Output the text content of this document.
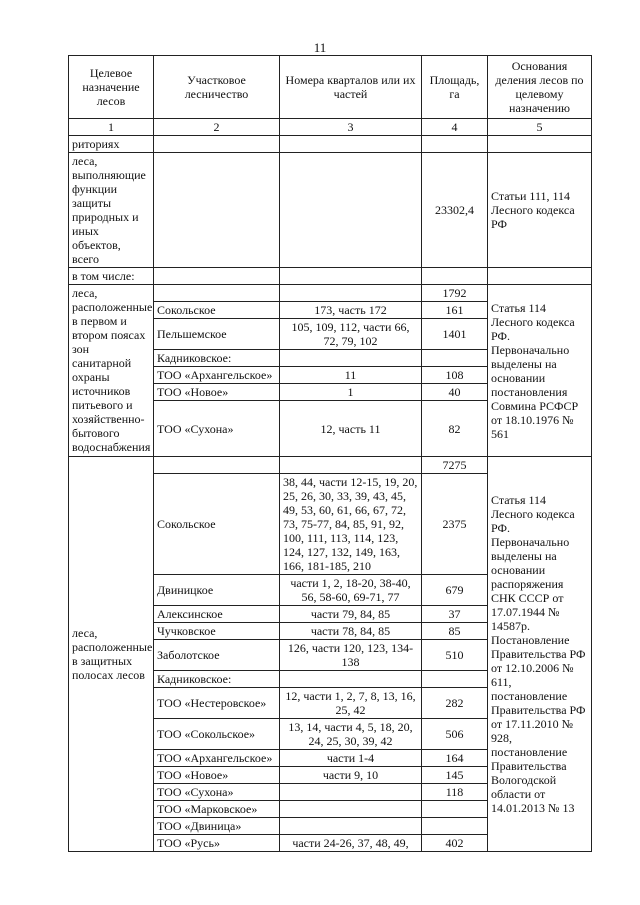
11
Целевое назначение лесов	Участковое лесничество	Номера кварталов или их частей	Площадь, га	Основания деления лесов по целевому назначению
1	2	3	4	5
риториях				
леса, выполняющие функции защиты природных и иных объектов, всего			23302,4	Статьи 111, 114 Лесного кодекса РФ
в том числе:				
леса, расположенные в первом и втором поясах зон санитарной охраны источников питьевого и хозяйственно-бытового водоснабжения			1792	Статья 114 Лесного кодекса РФ. Первоначально выделены на основании постановления Совмина РСФСР от 18.10.1976 № 561
	Сокольское	173, часть 172	161	
	Пельшемское	105, 109, 112, части 66, 72, 79, 102	1401	
	Кадниковское:			
	ТОО «Архангельское»	11	108	
	ТОО «Новое»	1	40	
	ТОО «Сухона»	12, часть 11	82	
леса, расположенные в защитных полосах лесов			7275	Статья 114 Лесного кодекса РФ. Первоначально выделены на основании распоряжения СНК СССР от 17.07.1944 № 14587р. Постановление Правительства РФ от 12.10.2006 № 611, постановление Правительства РФ от 17.11.2010 № 928, постановление Правительства Вологодской области от 14.01.2013 № 13
	Сокольское	38, 44, части 12-15, 19, 20, 25, 26, 30, 33, 39, 43, 45, 49, 53, 60, 61, 66, 67, 72, 73, 75-77, 84, 85, 91, 92, 100, 111, 113, 114, 123, 124, 127, 132, 149, 163, 166, 181-185, 210	2375	
	Двиницкое	части 1, 2, 18-20, 38-40, 56, 58-60, 69-71, 77	679	
	Алексинское	части 79, 84, 85	37	
	Чучковское	части 78, 84, 85	85	
	Заболотское	126, части 120, 123, 134-138	510	
	Кадниковское:			
	ТОО «Нестеровское»	12, части 1, 2, 7, 8, 13, 16, 25, 42	282	
	ТОО «Сокольское»	13, 14, части 4, 5, 18, 20, 24, 25, 30, 39, 42	506	
	ТОО «Архангельское»	части 1-4	164	
	ТОО «Новое»	части 9, 10	145	
	ТОО «Сухона»		118	
	ТОО «Марковское»			
	ТОО «Двиница»			
	ТОО «Русь»	части 24-26, 37, 48, 49,	402	
